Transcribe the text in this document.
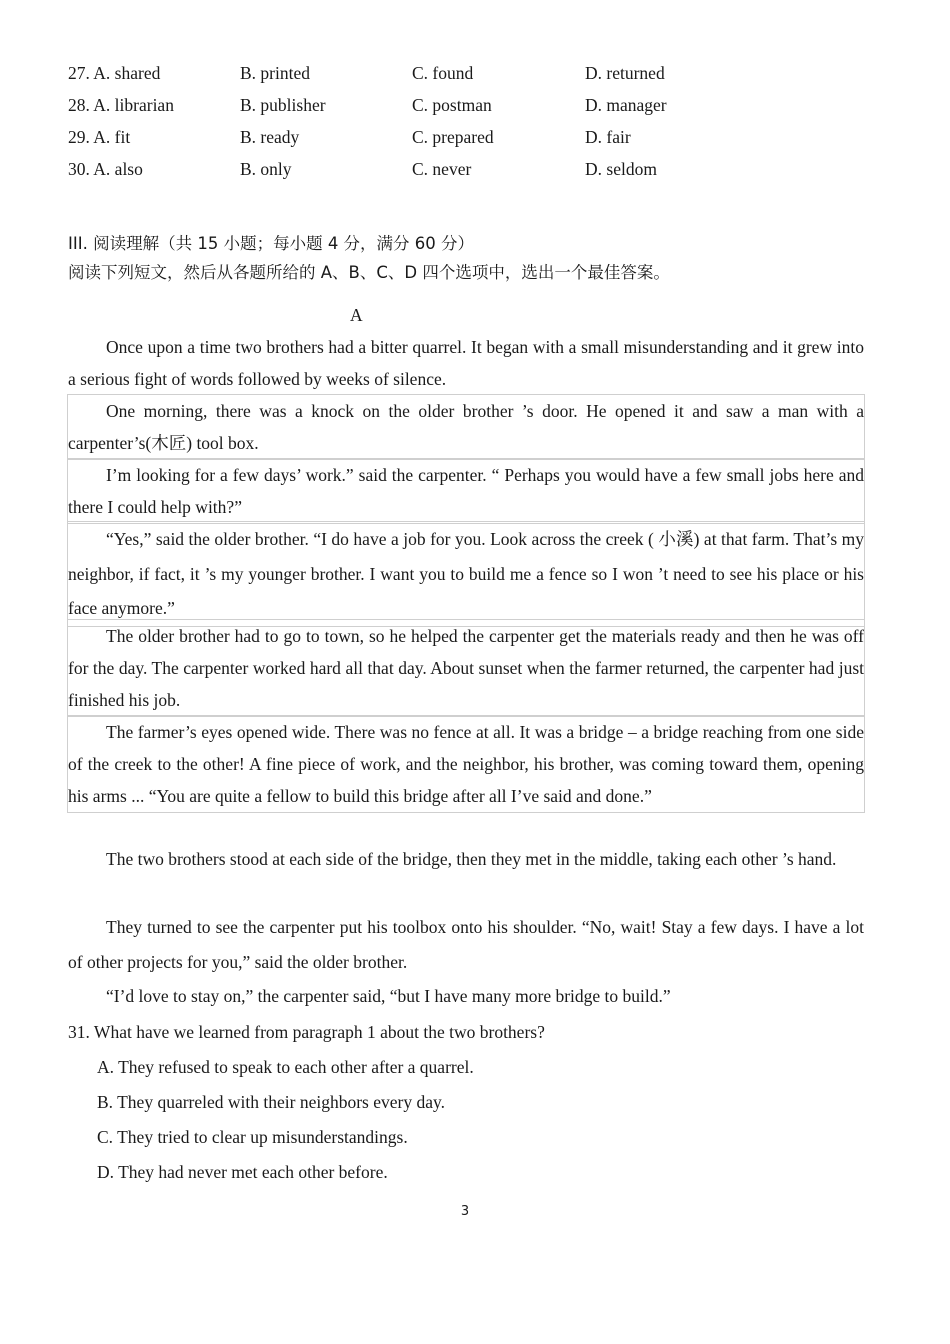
27. A. shared	B. printed	C. found	D. returned
28. A. librarian	B. publisher	C. postman	D. manager
29. A. fit	B. ready	C. prepared	D. fair
30. A. also	B. only	C. never	D. seldom
III. 阅读理解（共 15 小题；每小题 4 分，满分 60 分）
阅读下列短文，然后从各题所给的 A、B、C、D 四个选项中，选出一个最佳答案。
A
Once upon a time two brothers had a bitter quarrel. It began with a small misunderstanding and it grew into a serious fight of words followed by weeks of silence.
One morning, there was a knock on the older brother ’s door. He opened it and saw a man with a carpenter’s(木匠) tool box.
I’m looking for a few days’ work.” said the carpenter. “ Perhaps you would have a few small jobs here and there I could help with?”
“Yes,” said the older brother. “I do have a job for you. Look across the creek ( 小溪) at that farm. That’s my neighbor, if fact, it ’s my younger brother. I want you to build me a fence so I won ’t need to see his place or his face anymore.”
The older brother had to go to town, so he helped the carpenter get the materials ready and then he was off for the day. The carpenter worked hard all that day. About sunset when the farmer returned, the carpenter had just finished his job.
The farmer’s eyes opened wide. There was no fence at all. It was a bridge – a bridge reaching from one side of the creek to the other! A fine piece of work, and the neighbor, his brother, was coming toward them, opening his arms ... “You are quite a fellow to build this bridge after all I’ve said and done.”
The two brothers stood at each side of the bridge, then they met in the middle, taking each other ’s hand.
They turned to see the carpenter put his toolbox onto his shoulder. “No, wait! Stay a few days. I have a lot of other projects for you,” said the older brother.
“I’d love to stay on,” the carpenter said, “but I have many more bridge to build.”
31. What have we learned from paragraph 1 about the two brothers?
A. They refused to speak to each other after a quarrel.
B. They quarreled with their neighbors every day.
C. They tried to clear up misunderstandings.
D. They had never met each other before.
3
